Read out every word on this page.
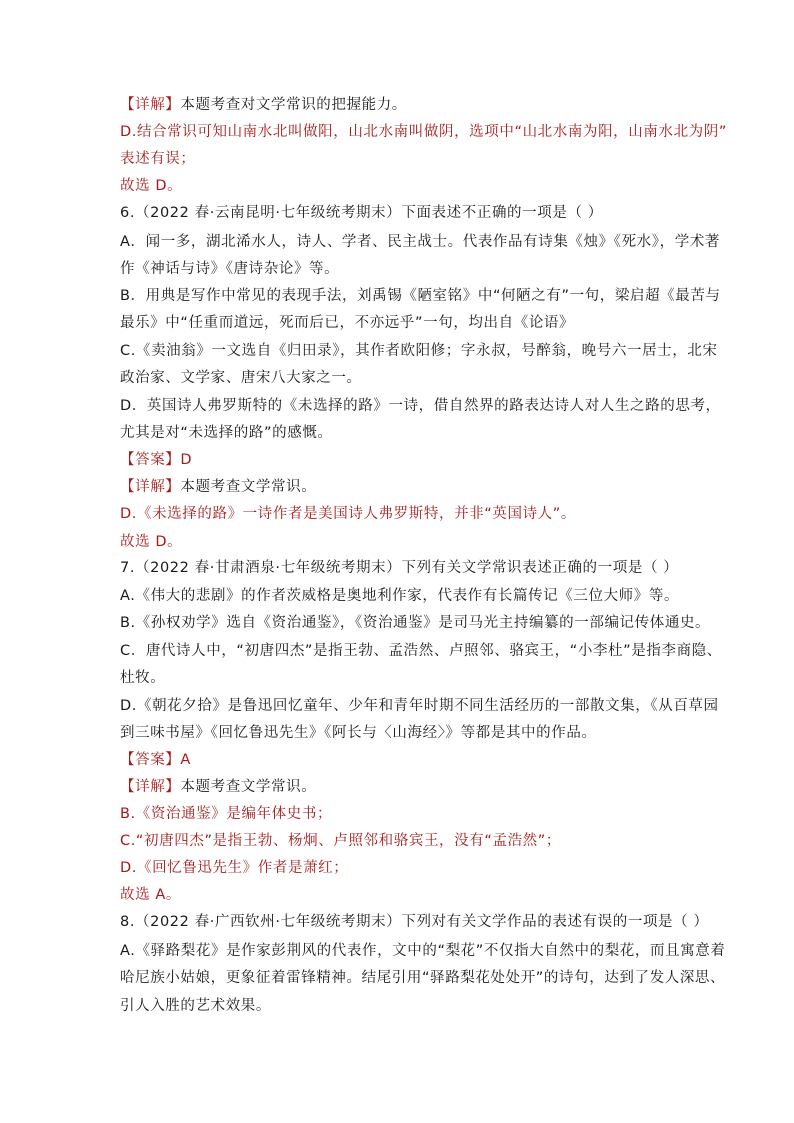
【详解】本题考查对文学常识的把握能力。
D.结合常识可知山南水北叫做阳，山北水南叫做阴，选项中“山北水南为阳，山南水北为阴”
表述有误；
故选 D。
6.（2022 春·云南昆明·七年级统考期末）下面表述不正确的一项是（ ）
A．闻一多，湖北浠水人，诗人、学者、民主战士。代表作品有诗集《烛》《死水》，学术著
作《神话与诗》《唐诗杂论》等。
B．用典是写作中常见的表现手法，刘禹锡《陋室铭》中“何陋之有”一句，梁启超《最苦与
最乐》中“任重而道远，死而后已，不亦远乎”一句，均出自《论语》
C.《卖油翁》一文选自《归田录》，其作者欧阳修；字永叔，号醉翁，晚号六一居士，北宋
政治家、文学家、唐宋八大家之一。
D．英国诗人弗罗斯特的《未选择的路》一诗，借自然界的路表达诗人对人生之路的思考，
尤其是对“未选择的路”的感慨。
【答案】D
【详解】本题考查文学常识。
D.《未选择的路》一诗作者是美国诗人弗罗斯特，并非“英国诗人”。
故选 D。
7.（2022 春·甘肃酒泉·七年级统考期末）下列有关文学常识表述正确的一项是（ ）
A.《伟大的悲剧》的作者茨威格是奥地利作家，代表作有长篇传记《三位大师》等。
B.《孙权劝学》选自《资治通鉴》，《资治通鉴》是司马光主持编纂的一部编记传体通史。
C．唐代诗人中，“初唐四杰”是指王勃、孟浩然、卢照邻、骆宾王，“小李杜”是指李商隐、
杜牧。
D.《朝花夕拾》是鲁迅回忆童年、少年和青年时期不同生活经历的一部散文集，《从百草园
到三味书屋》《回忆鲁迅先生》《阿长与〈山海经〉》等都是其中的作品。
【答案】A
【详解】本题考查文学常识。
B.《资治通鉴》是编年体史书；
C.“初唐四杰”是指王勃、杨炯、卢照邻和骆宾王，没有“孟浩然”；
D.《回忆鲁迅先生》作者是萧红；
故选 A。
8.（2022 春·广西钦州·七年级统考期末）下列对有关文学作品的表述有误的一项是（ ）
A.《驿路梨花》是作家彭荆风的代表作，文中的“梨花”不仅指大自然中的梨花，而且寓意着
哈尼族小姑娘，更象征着雷锋精神。结尾引用“驿路梨花处处开”的诗句，达到了发人深思、
引人入胜的艺术效果。
